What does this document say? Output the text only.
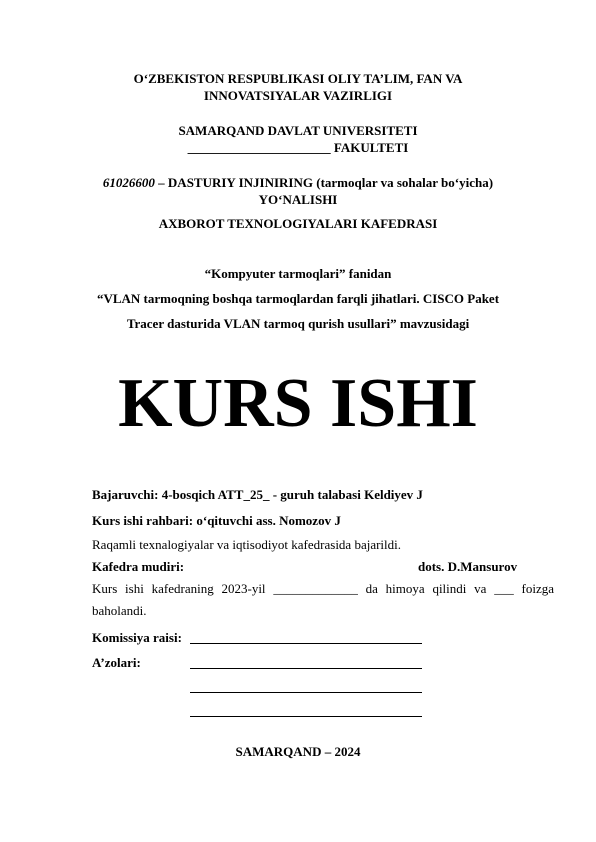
O‘ZBEKISTON RESPUBLIKASI OLIY TA’LIM, FAN VA
INNOVATSIYALAR VAZIRLIGI
SAMARQAND DAVLAT UNIVERSITETI
______________________ FAKULTETI
61026600 – DASTURIY INJINIRING (tarmoqlar va sohalar bo‘yicha)
YO‘NALISHI
AXBOROT TEXNOLOGIYALARI KAFEDRASI
“Kompyuter tarmoqlari” fanidan
“VLAN tarmoqning boshqa tarmoqlardan farqli jihatlari. CISCO Paket
Tracer dasturida VLAN tarmoq qurish usullari” mavzusidagi
KURS ISHI
Bajaruvchi: 4-bosqich ATT_25_ - guruh talabasi Keldiyev J
Kurs ishi rahbari: o‘qituvchi ass. Nomozov J
Raqamli texnalogiyalar va iqtisodiyot kafedrasida bajarildi.
Kafedra mudiri:	dots. D.Mansurov
Kurs ishi kafedraning 2023-yil _____________ da himoya qilindi va ___ foizga baholandi.
Komissiya raisi:
A’zolari:
SAMARQAND – 2024
